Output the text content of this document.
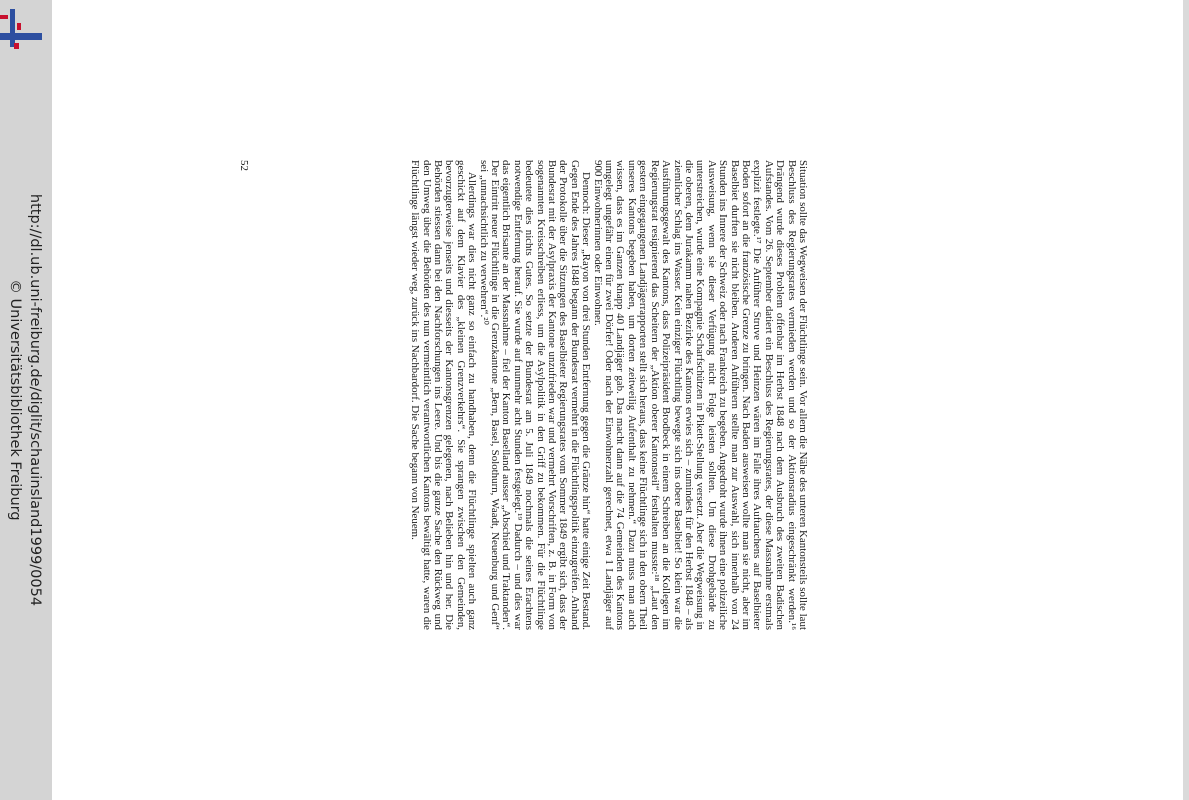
http://dl.ub.uni-freiburg.de/diglit/schauinsland1999/0054
© Universitätsbibliothek Freiburg
52	Situation sollte das Wegweisen der Flüchtlinge sein. Vor allem die Nähe des unteren Kantonsteils sollte laut Beschluss des Regierungsrates vermieden werden und so der Aktionsradius eingeschränkt werden.¹⁶ Drängend wurde dieses Problem offenbar im Herbst 1848 nach dem Ausbruch des zweiten Badischen Aufstandes. Vom 26. September datiert ein Beschluss des Regierungsrates, der diese Massnahme erstmals explizit festlegte.¹⁷ Die Anführer Struve und Heinzen wären im Falle ihres Auftauchens auf Baselbieter Boden sofort an die französische Grenze zu bringen. Nach Baden ausweisen wollte man sie nicht, aber im Baselbiet durften sie nicht bleiben. Anderen Anführern stellte man zur Auswahl, sich innerhalb von 24 Stunden ins Innere der Schweiz oder nach Frankreich zu begeben. Angedroht wurde ihnen eine polizeiliche Ausweisung, wenn sie dieser Verfügung nicht Folge leisten sollten. Um diese Drohgebärde zu unterstreichen, wurde eine Kompagnie Scharfschützen in Pikett-Stellung versetzt. Aber die Wegweisung in die oberen, dem Jurakamm nahen Bezirke des Kantons erwies sich – zumindest für den Herbst 1848 – als ziemlicher Schlag ins Wasser. Kein einziger Flüchtling bewegte sich ins obere Baselbiet! So klein war die Ausführungsgewalt des Kantons, dass Polizeipräsident Brodbeck in einem Schreiben an die Kollegen im Regierungsrat resignierend das Scheitern der „Aktion oberer Kantonsteil“ festhalten musste:¹⁸ „Laut den gestern eingegangenen Landjägerrapporten stellt sich heraus, dass keine Flüchtlinge sich in den obern Theil unseres Kantons begeben haben, um dorten zeitweilig Aufenthalt zu nehmen.“ Dazu muss man auch wissen, dass es im Ganzen knapp 40 Landjäger gab. Das macht dann auf die 74 Gemeinden des Kantons umgelegt ungefähr einen für zwei Dörfer! Oder nach der Einwohnerzahl gerechnet, etwa 1 Landjäger auf 900 Einwohnerinnen oder Einwohner.

Dennoch: Dieser „Rayon von drei Stunden Entfernung gegen die Gränze hin“ hatte einige Zeit Bestand. Gegen Ende des Jahres 1848 begann der Bundesrat vermehrt in die Flüchtlingspolitik einzugreifen. Anhand der Protokolle über die Sitzungen des Baselbieter Regierungsrates vom Sommer 1849 ergibt sich, dass der Bundesrat mit der Asylpraxis der Kantone unzufrieden war und vermehrt Vorschriften, z. B. in Form von sogenannten Kreisschreiben erliess, um die Asylpolitik in den Griff zu bekommen. Für die Flüchtlinge bedeutete dies nichts Gutes. So setzte der Bundesrat am 5. Juli 1849 nochmals die seines Erachtens notwendige Entfernung herauf. Sie wurde auf nunmehr acht Stunden festgelegt.¹⁹ Dadurch – und dies war das eigentlich Brisante an der Massnahme – fiel der Kanton Baselland ausser „Abschied und Traktanden“. Der Eintritt neuer Flüchtlinge in die Grenzkantone „Bern, Basel, Solothurn, Waadt, Neuenburg und Genf“ sei „unnachsichtlich zu verwehren“.²⁰

Allerdings war dies nicht ganz so einfach zu handhaben, denn die Flüchtlinge spielten auch ganz geschickt auf dem Klavier des „kleinen Grenzverkehrs“. Sie sprangen zwischen den Gemeinden, bevorzugterweise jenseits und diesseits der Kantonsgrenzen gelegenen, nach Belieben hin und her. Die Behörden stiessen dann bei den Nachforschungen ins Leere. Und bis die ganze Sache den Rückweg und den Umweg über die Behörden des nun vermeintlich verantwortlichen Kantons bewältigt hatte, waren die Flüchtlinge längst wieder weg, zurück ins Nachbardorf. Die Sache begann von Neuem.
